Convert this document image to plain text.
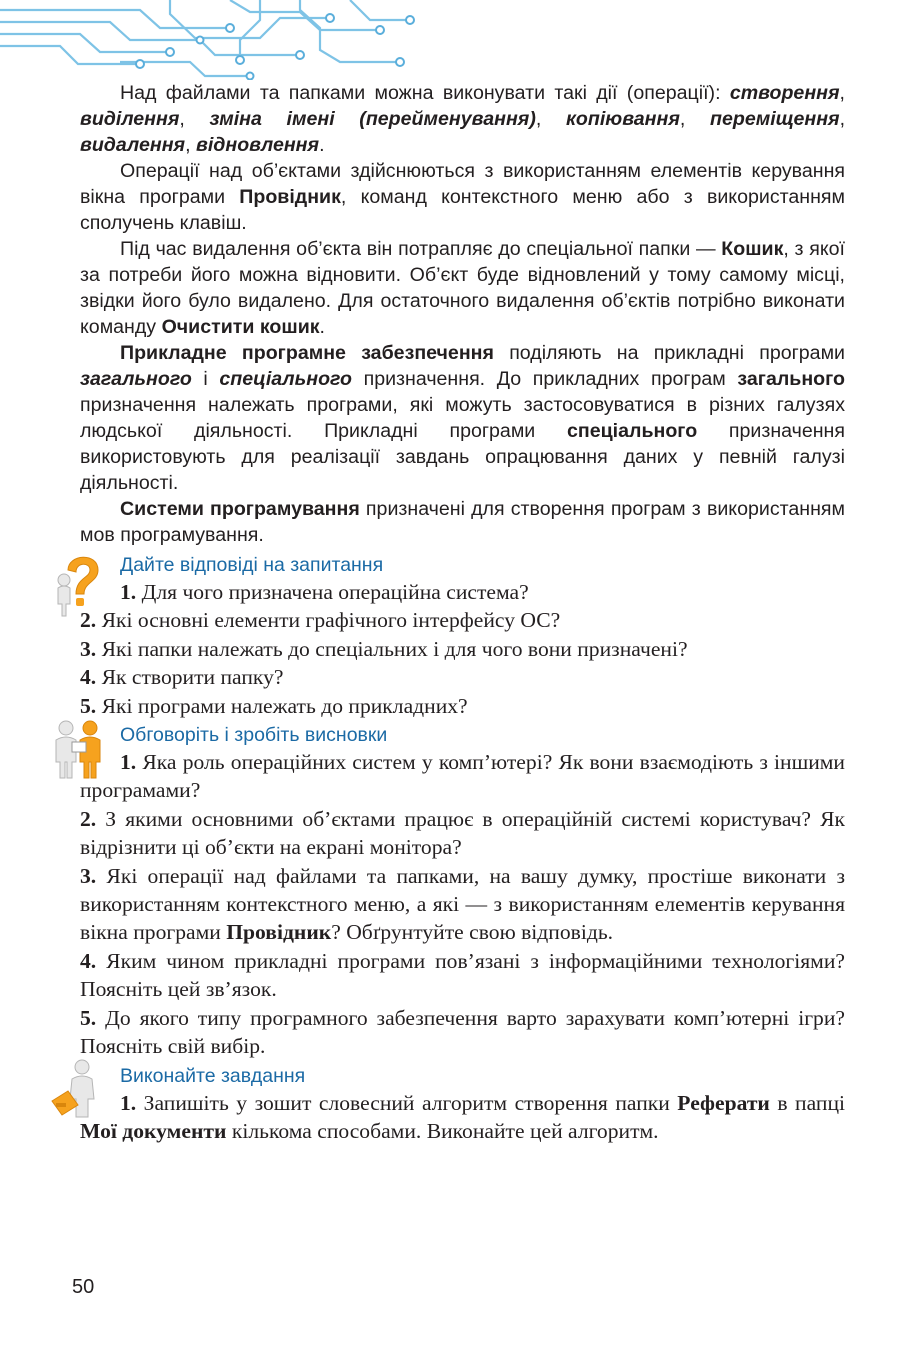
Над файлами та папками можна виконувати такі дії (операції): створення, виділення, зміна імені (перейменування), копіювання, переміщення, видалення, відновлення.

Операції над об’єктами здійснюються з використанням елементів керування вікна програми Провідник, команд контекстного меню або з використанням сполучень клавіш.

Під час видалення об’єкта він потрапляє до спеціальної папки — Кошик, з якої за потреби його можна відновити. Об’єкт буде відновлений у тому самому місці, звідки його було видалено. Для остаточного видалення об’єктів потрібно виконати команду Очистити кошик.

Прикладне програмне забезпечення поділяють на прикладні програми загального і спеціального призначення. До прикладних програм загального призначення належать програми, які можуть застосовуватися в різних галузях людської діяльності. Прикладні програми спеціального призначення використовують для реалізації завдань опрацювання даних у певній галузі діяльності.

Системи програмування призначені для створення програм з використанням мов програмування.

Дайте відповіді на запитання

1. Для чого призначена операційна система?

2. Які основні елементи графічного інтерфейсу ОС?

3. Які папки належать до спеціальних і для чого вони призначені?

4. Як створити папку?

5. Які програми належать до прикладних?

Обговоріть і зробіть висновки

1. Яка роль операційних систем у комп’ютері? Як вони взаємодіють з іншими програмами?

2. З якими основними об’єктами працює в операційній системі користувач? Як відрізнити ці об’єкти на екрані монітора?

3. Які операції над файлами та папками, на вашу думку, простіше виконати з використанням контекстного меню, а які — з використанням елементів керування вікна програми Провідник? Обґрунтуйте свою відповідь.

4. Яким чином прикладні програми пов’язані з інформаційними технологіями? Поясніть цей зв’язок.

5. До якого типу програмного забезпечення варто зарахувати комп’ютерні ігри? Поясніть свій вибір.

Виконайте завдання

1. Запишіть у зошит словесний алгоритм створення папки Реферати в папці Мої документи кількома способами. Виконайте цей алгоритм.

50
